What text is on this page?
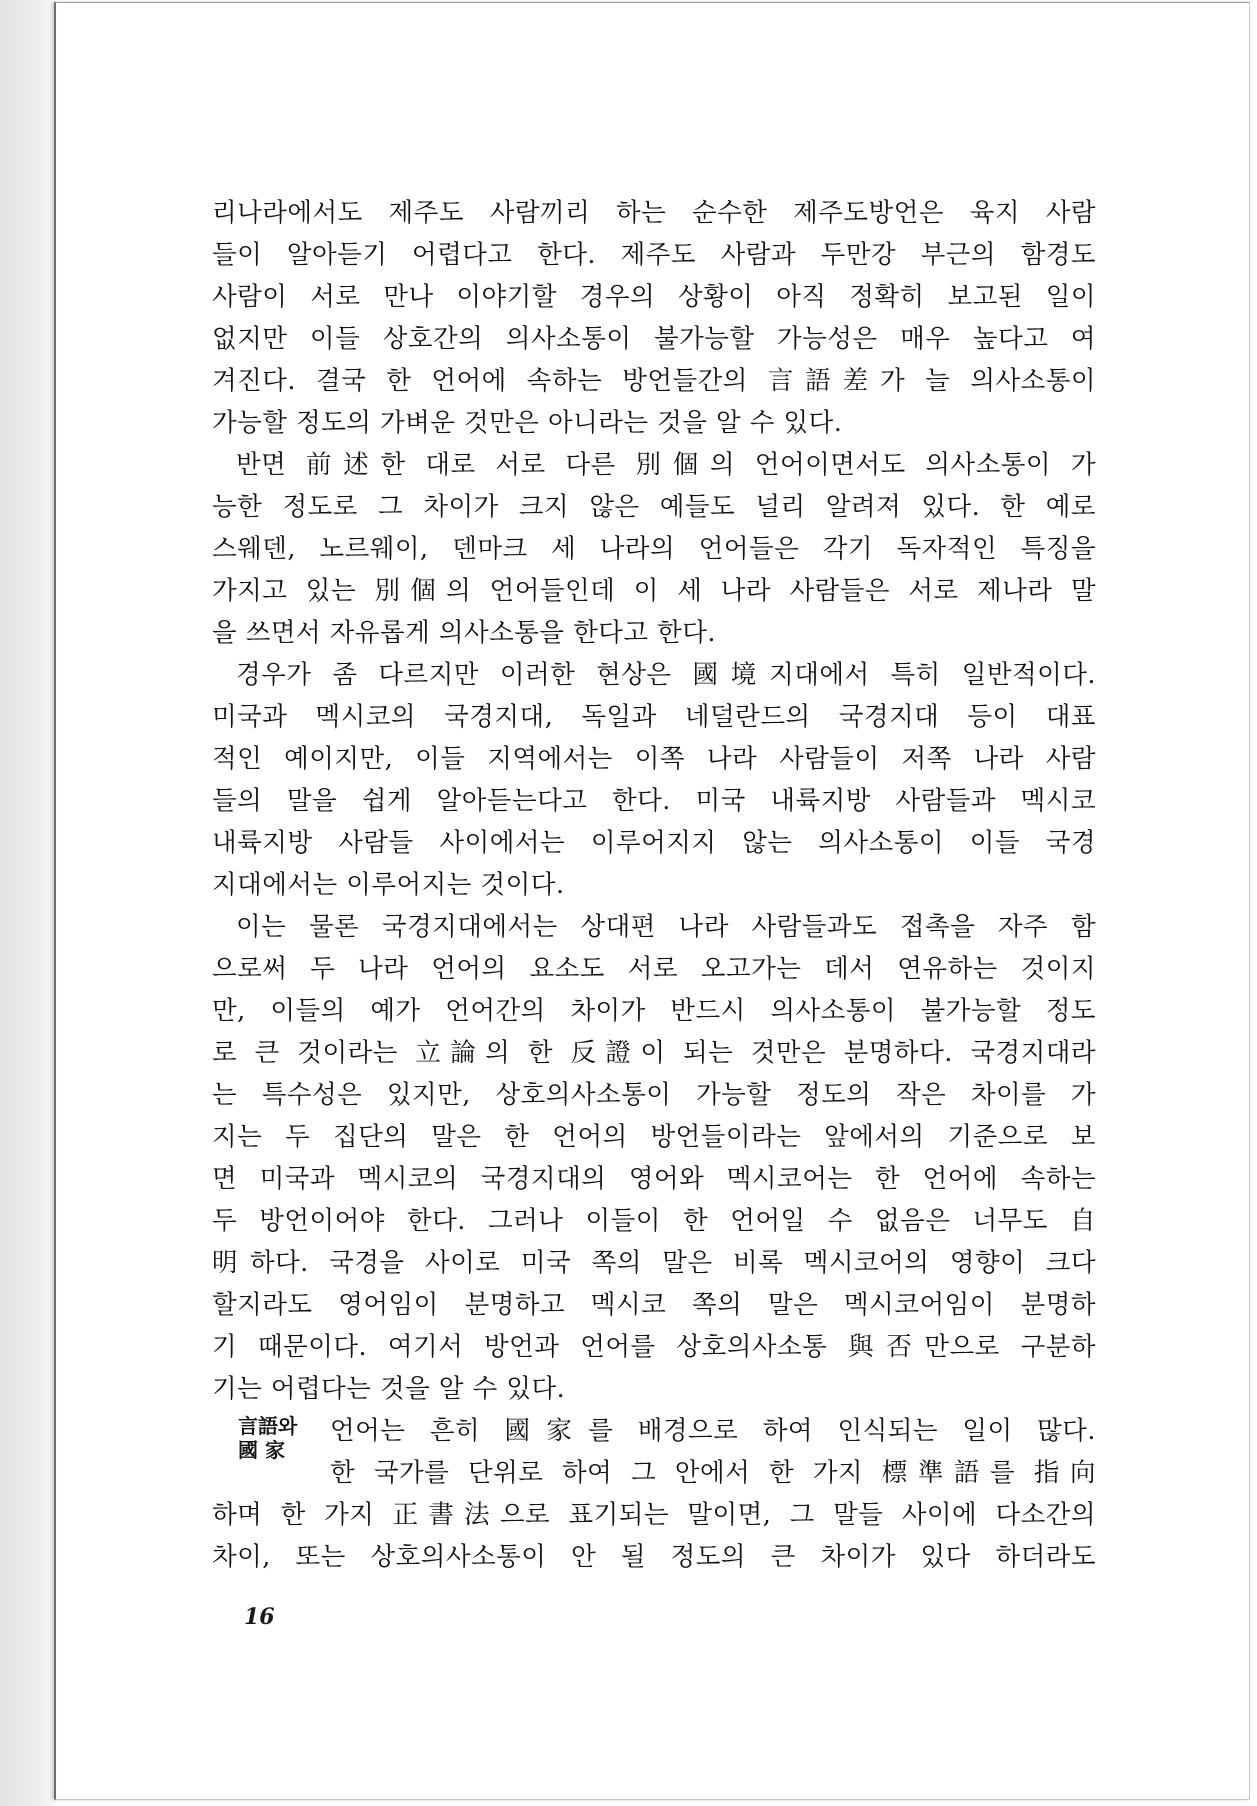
리나라에서도 제주도 사람끼리 하는 순수한 제주도방언은 육지 사람
들이 알아듣기 어렵다고 한다. 제주도 사람과 두만강 부근의 함경도
사람이 서로 만나 이야기할 경우의 상황이 아직 정확히 보고된 일이
없지만 이들 상호간의 의사소통이 불가능할 가능성은 매우 높다고 여
겨진다. 결국 한 언어에 속하는 방언들간의 言語差가 늘 의사소통이
가능할 정도의 가벼운 것만은 아니라는 것을 알 수 있다.
반면 前述한 대로 서로 다른 別個의 언어이면서도 의사소통이 가
능한 정도로 그 차이가 크지 않은 예들도 널리 알려져 있다. 한 예로
스웨덴, 노르웨이, 덴마크 세 나라의 언어들은 각기 독자적인 특징을
가지고 있는 別個의 언어들인데 이 세 나라 사람들은 서로 제나라 말
을 쓰면서 자유롭게 의사소통을 한다고 한다.
경우가 좀 다르지만 이러한 현상은 國境지대에서 특히 일반적이다.
미국과 멕시코의 국경지대, 독일과 네덜란드의 국경지대 등이 대표
적인 예이지만, 이들 지역에서는 이쪽 나라 사람들이 저쪽 나라 사람
들의 말을 쉽게 알아듣는다고 한다. 미국 내륙지방 사람들과 멕시코
내륙지방 사람들 사이에서는 이루어지지 않는 의사소통이 이들 국경
지대에서는 이루어지는 것이다.
이는 물론 국경지대에서는 상대편 나라 사람들과도 접촉을 자주 함
으로써 두 나라 언어의 요소도 서로 오고가는 데서 연유하는 것이지
만, 이들의 예가 언어간의 차이가 반드시 의사소통이 불가능할 정도
로 큰 것이라는 立論의 한 反證이 되는 것만은 분명하다. 국경지대라
는 특수성은 있지만, 상호의사소통이 가능할 정도의 작은 차이를 가
지는 두 집단의 말은 한 언어의 방언들이라는 앞에서의 기준으로 보
면 미국과 멕시코의 국경지대의 영어와 멕시코어는 한 언어에 속하는
두 방언이어야 한다. 그러나 이들이 한 언어일 수 없음은 너무도 自
明하다. 국경을 사이로 미국 쪽의 말은 비록 멕시코어의 영향이 크다
할지라도 영어임이 분명하고 멕시코 쪽의 말은 멕시코어임이 분명하
기 때문이다. 여기서 방언과 언어를 상호의사소통 與否만으로 구분하
기는 어렵다는 것을 알 수 있다.
言語와
國 家
언어는 흔히 國家를 배경으로 하여 인식되는 일이 많다.
한 국가를 단위로 하여 그 안에서 한 가지 標準語를 指向
하며 한 가지 正書法으로 표기되는 말이면, 그 말들 사이에 다소간의
차이, 또는 상호의사소통이 안 될 정도의 큰 차이가 있다 하더라도
16
